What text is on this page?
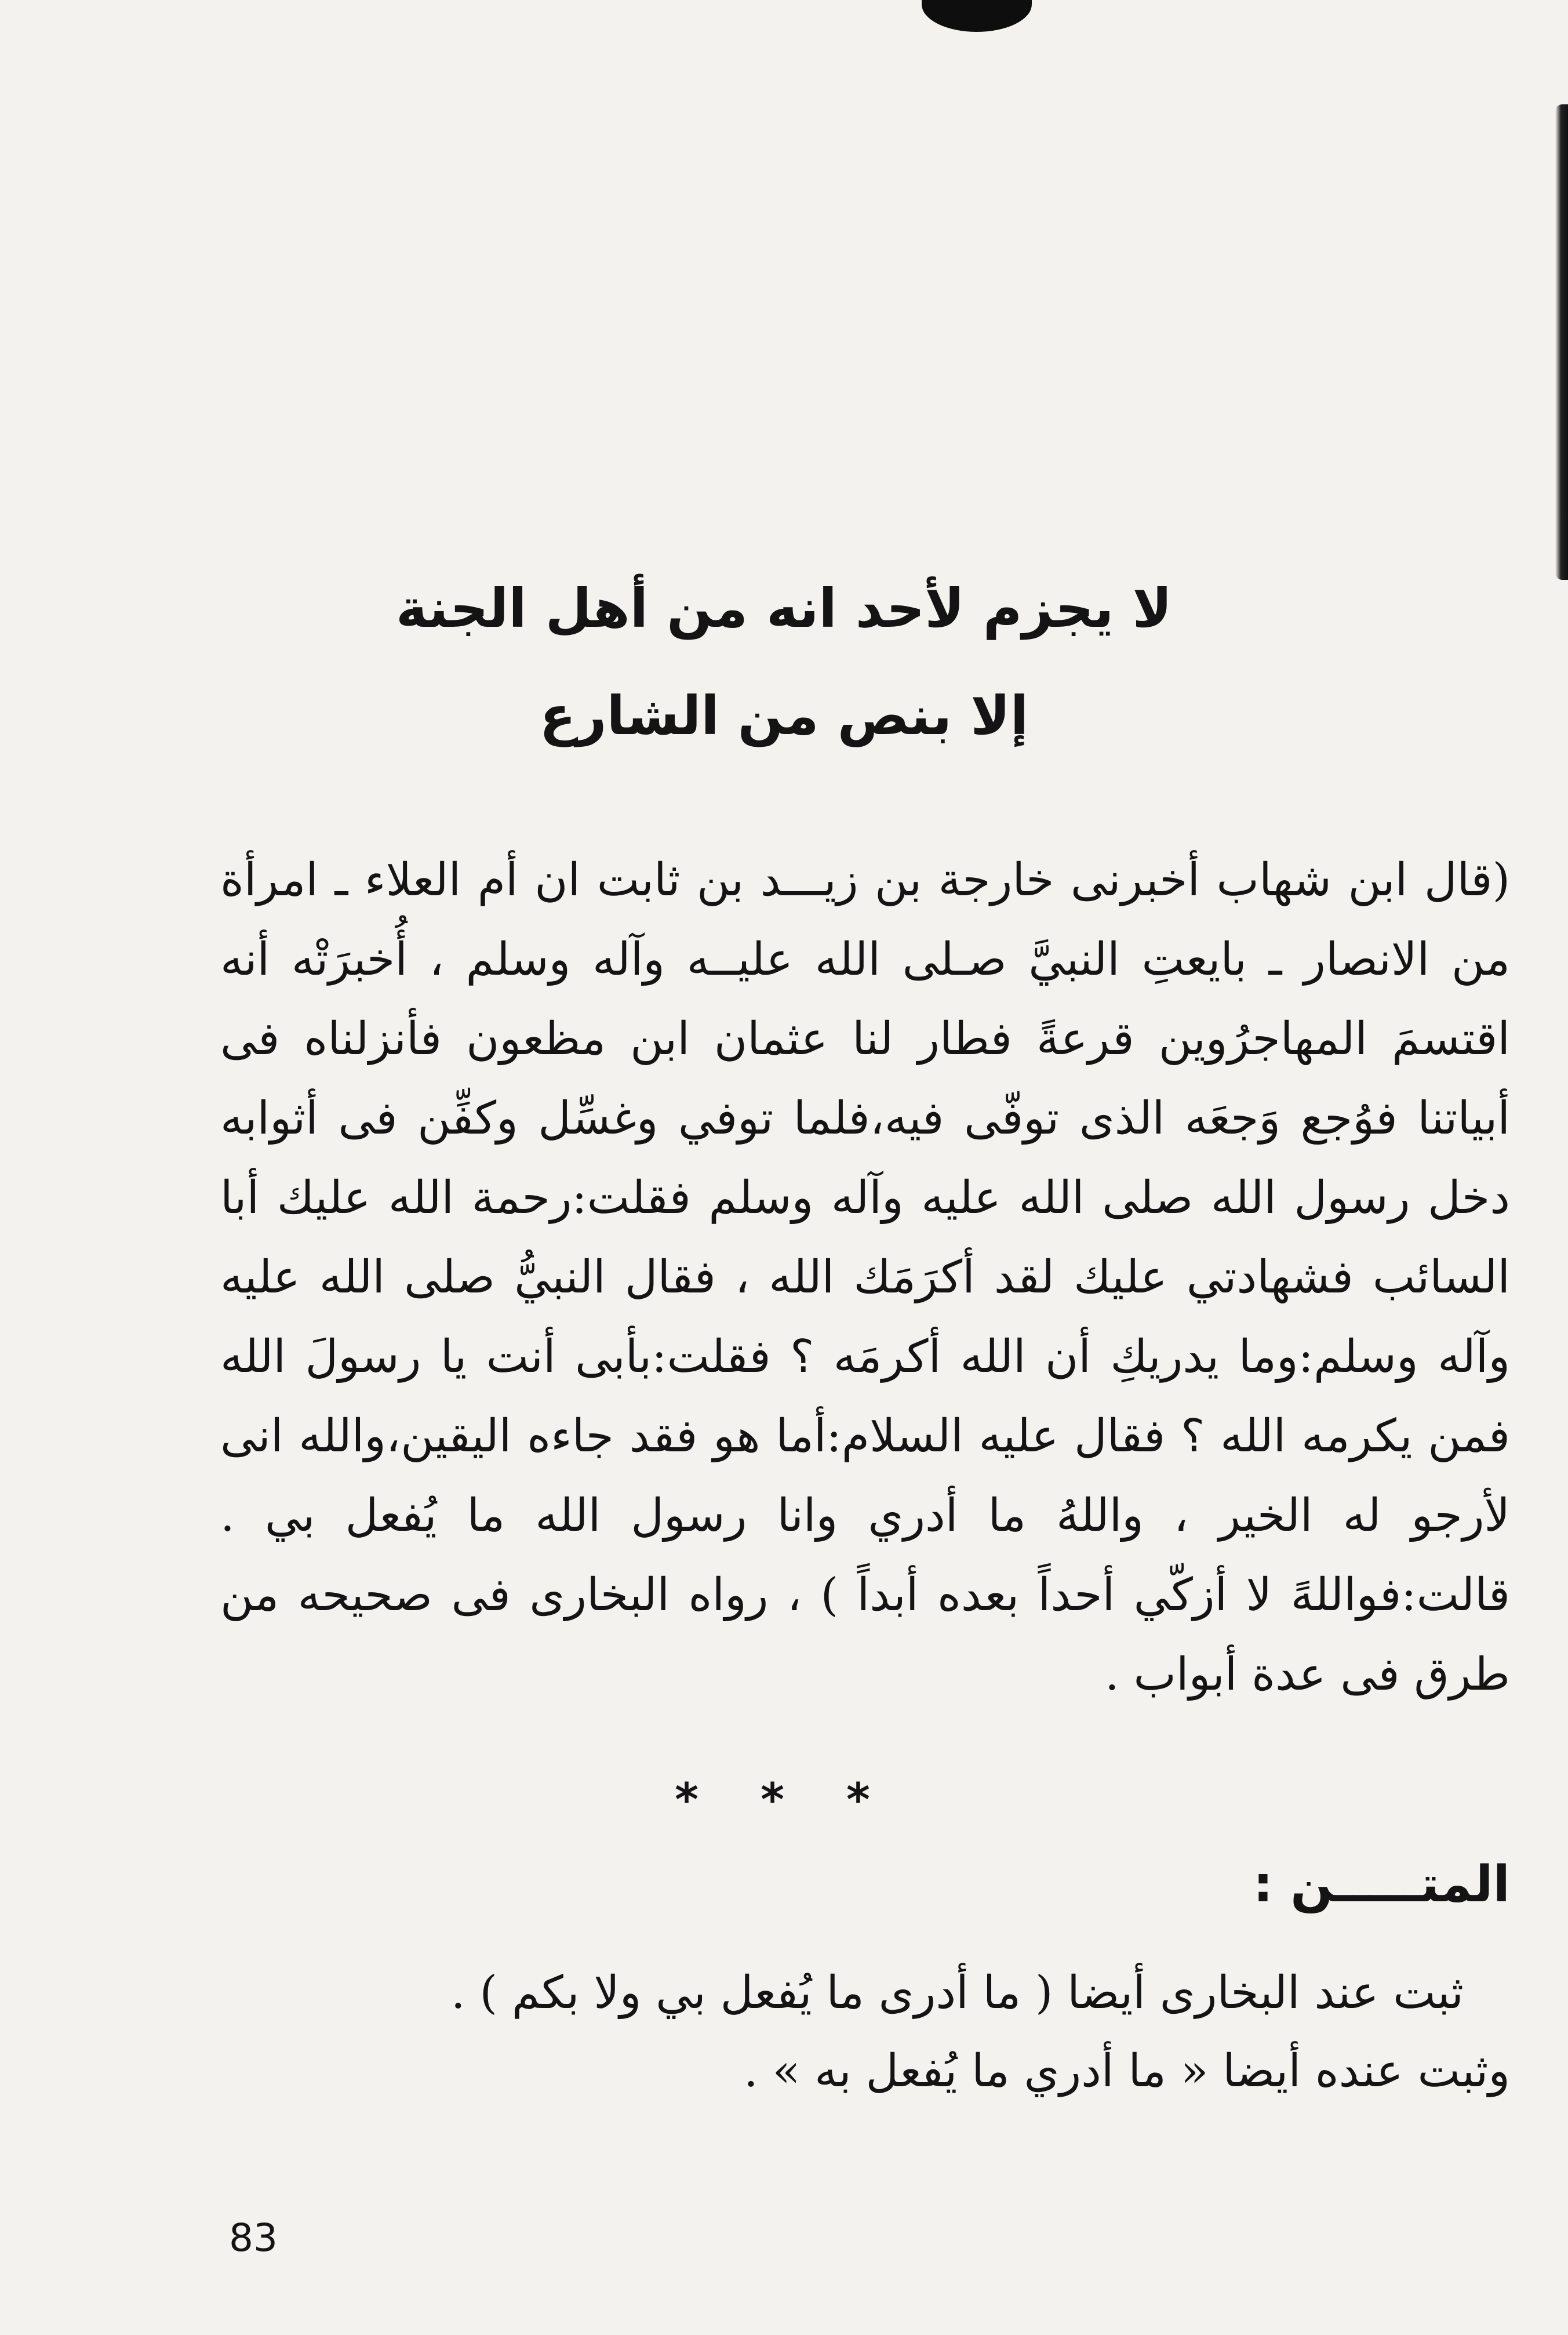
لا يجزم لأحد انه من أهل الجنة
إلا بنص من الشارع

(قال ابن شهاب أخبرنى خارجة بن زيـــد بن ثابت ان أم العلاء ـ امرأة من الانصار ـ بايعتِ النبيَّ صـلى الله عليــه وآله وسلم ، أُخبرَتْه أنه اقتسمَ المهاجرُوين قرعةً فطار لنا عثمان ابن مظعون فأنزلناه فى أبياتنا فوُجع وَجعَه الذى توفّى فيه،فلما توفي وغسِّل وكفِّن فى أثوابه دخل رسول الله صلى الله عليه وآله وسلم فقلت:رحمة الله عليك أبا السائب فشهادتي عليك لقد أكرَمَك الله ، فقال النبيُّ صلى الله عليه وآله وسلم:وما يدريكِ أن الله أكرمَه ؟ فقلت:بأبى أنت يا رسولَ الله فمن يكرمه الله ؟ فقال عليه السلام:أما هو فقد جاءه اليقين،والله انى لأرجو له الخير ، واللهُ ما أدري وانا رسول الله ما يُفعل بي . قالت:فواللهً لا أزكّي أحداً بعده أبداً ) ، رواه البخارى فى صحيحه من طرق فى عدة أبواب .

* * *
المتـــــن :

ثبت عند البخارى أيضا ( ما أدرى ما يُفعل بي ولا بكم ) .

وثبت عنده أيضا « ما أدري ما يُفعل به » .

83
